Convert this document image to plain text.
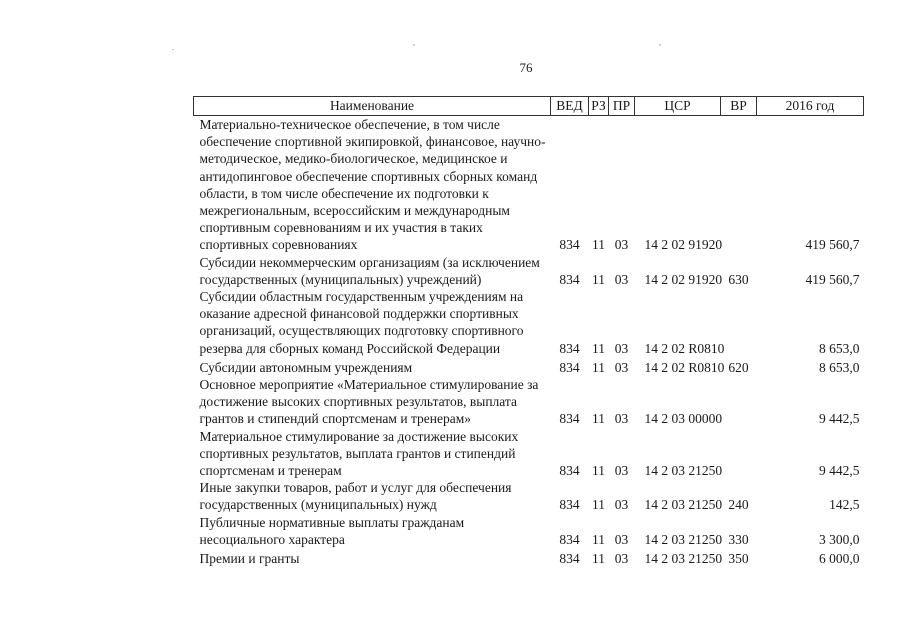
.
,	,
76
Наименование	ВЕД	РЗ	ПР	ЦСР	ВР	2016 год
Материально-техническое обеспечение, в том числе обеспечение спортивной экипировкой, финансовое, научно-методическое, медико-биологическое, медицинское и антидопинговое обеспечение спортивных сборных команд области, в том числе обеспечение их подготовки к межрегиональным, всероссийским и международным спортивным соревнованиям и их участия в таких спортивных соревнованиях	834	11	03	14 2 02 91920		419 560,7
Субсидии некоммерческим организациям (за исключением государственных (муниципальных) учреждений)	834	11	03	14 2 02 91920	630	419 560,7
Субсидии областным государственным учреждениям на оказание адресной финансовой поддержки спортивных организаций, осуществляющих подготовку спортивного резерва для сборных команд Российской Федерации	834	11	03	14 2 02 R0810		8 653,0
Субсидии автономным учреждениям	834	11	03	14 2 02 R0810	620	8 653,0
Основное мероприятие «Материальное стимулирование за достижение высоких спортивных результатов, выплата грантов и стипендий спортсменам и тренерам»	834	11	03	14 2 03 00000		9 442,5
Материальное стимулирование за достижение высоких спортивных результатов, выплата грантов и стипендий спортсменам и тренерам	834	11	03	14 2 03 21250		9 442,5
Иные закупки товаров, работ и услуг для обеспечения государственных (муниципальных) нужд	834	11	03	14 2 03 21250	240	142,5
Публичные нормативные выплаты гражданам несоциального характера	834	11	03	14 2 03 21250	330	3 300,0
Премии и гранты	834	11	03	14 2 03 21250	350	6 000,0
